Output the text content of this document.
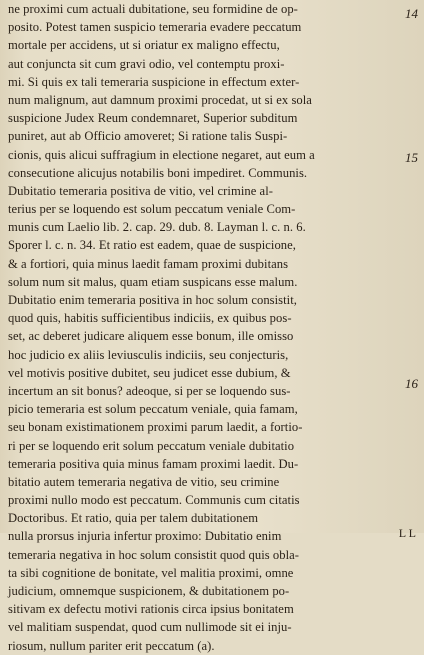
ne proximi cum actuali dubitatione, seu formidine de op-
posito. Potest tamen suspicio temeraria evadere peccatum
mortale per accidens, ut si oriatur ex maligno effectu,
aut conjuncta sit cum gravi odio, vel contemptu proxi-
mi. Si quis ex tali temeraria suspicione in effectum exter-
num malignum, aut damnum proximi procedat, ut si ex sola
suspicione Judex Reum condemnaret, Superior subditum
puniret, aut ab Officio amoveret; Si ratione talis Suspi-
cionis, quis alicui suffragium in electione negaret, aut eum a
consecutione alicujus notabilis boni impediret. Communis.
Dubitatio temeraria positiva de vitio, vel crimine al-
terius per se loquendo est solum peccatum veniale Com-
munis cum Laelio lib. 2. cap. 29. dub. 8. Layman l. c. n. 6.
Sporer l. c. n. 34. Et ratio est eadem, quae de suspicione,
& a fortiori, quia minus laedit famam proximi dubitans
solum num sit malus, quam etiam suspicans esse malum.
Dubitatio enim temeraria positiva in hoc solum consistit,
quod quis, habitis sufficientibus indiciis, ex quibus pos-
set, ac deberet judicare aliquem esse bonum, ille omisso
hoc judicio ex aliis leviusculis indiciis, seu conjecturis,
vel motivis positive dubitet, seu judicet esse dubium, &
incertum an sit bonus? adeoque, si per se loquendo sus-
picio temeraria est solum peccatum veniale, quia famam,
seu bonam existimationem proximi parum laedit, a fortio-
ri per se loquendo erit solum peccatum veniale dubitatio
temeraria positiva quia minus famam proximi laedit. Du-
bitatio autem temeraria negativa de vitio, seu crimine
proximi nullo modo est peccatum. Communis cum citatis
Doctoribus. Et ratio, quia per talem dubitationem
nulla prorsus injuria infertur proximo: Dubitatio enim
temeraria negativa in hoc solum consistit quod quis obla-
ta sibi cognitione de bonitate, vel malitia proximi, omne
judicium, omnemque suspicionem, & dubitationem po-
sitivam ex defectu motivi rationis circa ipsius bonitatem
vel malitiam suspendat, quod cum nullimode sit ei inju-
riosum, nullum pariter erit peccatum (a).
14
15
16
L L
